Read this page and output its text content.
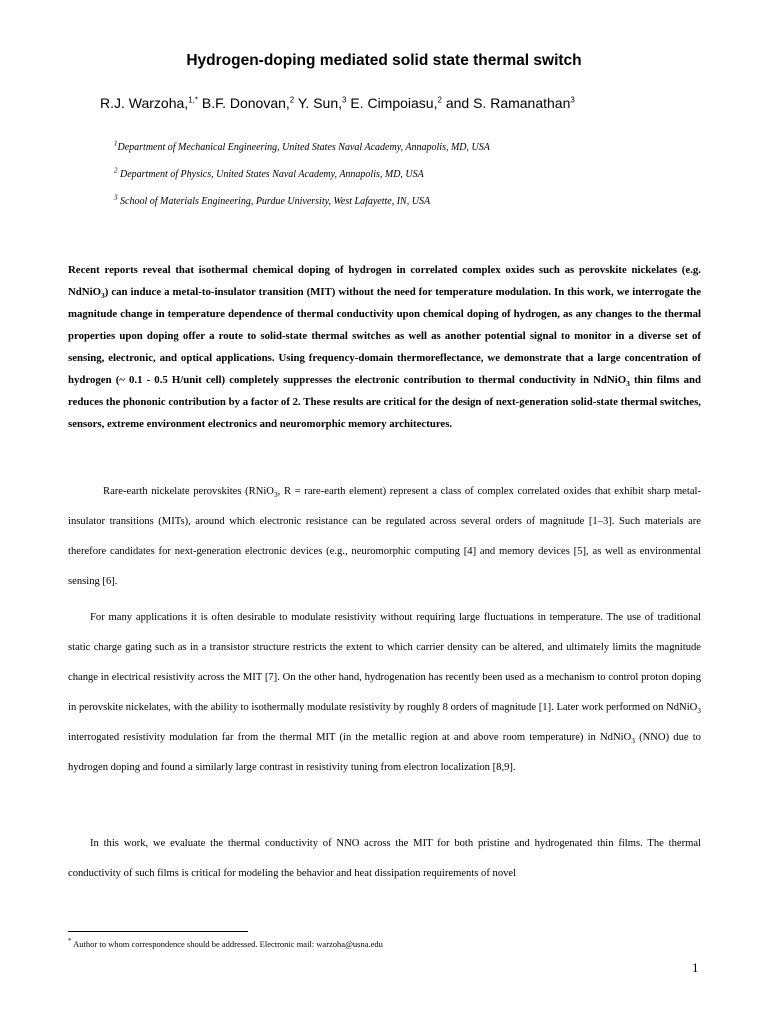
Hydrogen-doping mediated solid state thermal switch
R.J. Warzoha,$^{1,*}$ B.F. Donovan,$^2$ Y. Sun,$^3$ E. Cimpoiasu,$^2$ and S. Ramanathan$^3$
$^1$Department of Mechanical Engineering, United States Naval Academy, Annapolis, MD, USA
$^2$ Department of Physics, United States Naval Academy, Annapolis, MD, USA
$^3$ School of Materials Engineering, Purdue University, West Lafayette, IN, USA

Recent reports reveal that isothermal chemical doping of hydrogen in correlated complex oxides such as perovskite nickelates (e.g. NdNiO$_3$) can induce a metal-to-insulator transition (MIT) without the need for temperature modulation. In this work, we interrogate the magnitude change in temperature dependence of thermal conductivity upon chemical doping of hydrogen, as any changes to the thermal properties upon doping offer a route to solid-state thermal switches as well as another potential signal to monitor in a diverse set of sensing, electronic, and optical applications. Using frequency-domain thermoreflectance, we demonstrate that a large concentration of hydrogen (~ 0.1 - 0.5 H/unit cell) completely suppresses the electronic contribution to thermal conductivity in NdNiO$_3$ thin films and reduces the phononic contribution by a factor of 2. These results are critical for the design of next-generation solid-state thermal switches, sensors, extreme environment electronics and neuromorphic memory architectures.

Rare-earth nickelate perovskites (RNiO$_3$, R = rare-earth element) represent a class of complex correlated oxides that exhibit sharp metal-insulator transitions (MITs), around which electronic resistance can be regulated across several orders of magnitude [1–3]. Such materials are therefore candidates for next-generation electronic devices (e.g., neuromorphic computing [4] and memory devices [5], as well as environmental sensing [6].

For many applications it is often desirable to modulate resistivity without requiring large fluctuations in temperature. The use of traditional static charge gating such as in a transistor structure restricts the extent to which carrier density can be altered, and ultimately limits the magnitude change in electrical resistivity across the MIT [7]. On the other hand, hydrogenation has recently been used as a mechanism to control proton doping in perovskite nickelates, with the ability to isothermally modulate resistivity by roughly 8 orders of magnitude [1]. Later work performed on NdNiO$_3$ interrogated resistivity modulation far from the thermal MIT (in the metallic region at and above room temperature) in NdNiO$_3$ (NNO) due to hydrogen doping and found a similarly large contrast in resistivity tuning from electron localization [8,9].

In this work, we evaluate the thermal conductivity of NNO across the MIT for both pristine and hydrogenated thin films. The thermal conductivity of such films is critical for modeling the behavior and heat dissipation requirements of novel

* Author to whom correspondence should be addressed. Electronic mail: warzoha@usna.edu
1
